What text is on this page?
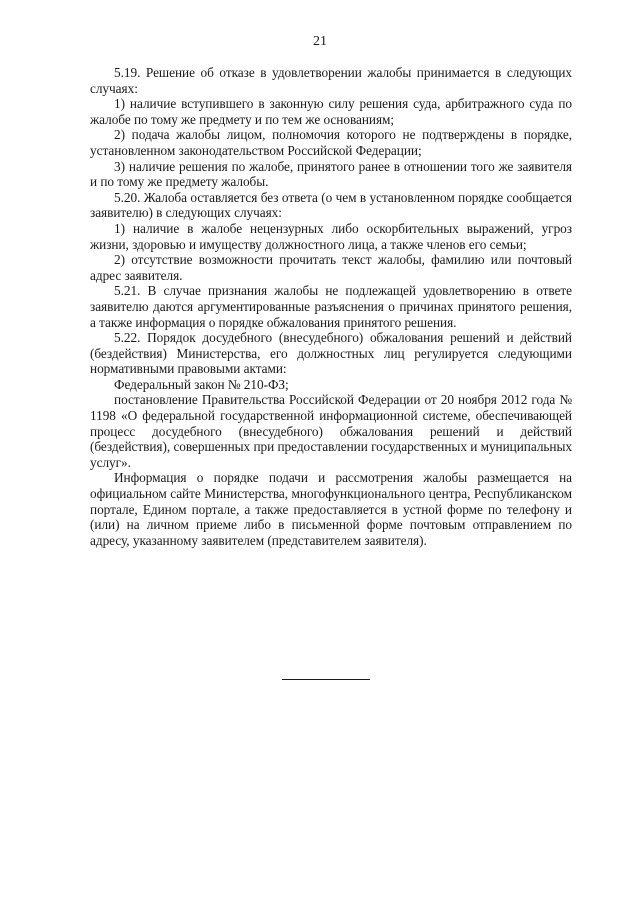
21

5.19. Решение об отказе в удовлетворении жалобы принимается в следующих случаях:

1) наличие вступившего в законную силу решения суда, арбитражного суда по жалобе по тому же предмету и по тем же основаниям;

2) подача жалобы лицом, полномочия которого не подтверждены в порядке, установленном законодательством Российской Федерации;

3) наличие решения по жалобе, принятого ранее в отношении того же заявителя и по тому же предмету жалобы.

5.20. Жалоба оставляется без ответа (о чем в установленном порядке сообщается заявителю) в следующих случаях:

1) наличие в жалобе нецензурных либо оскорбительных выражений, угроз жизни, здоровью и имуществу должностного лица, а также членов его семьи;

2) отсутствие возможности прочитать текст жалобы, фамилию или почтовый адрес заявителя.

5.21. В случае признания жалобы не подлежащей удовлетворению в ответе заявителю даются аргументированные разъяснения о причинах принятого решения, а также информация о порядке обжалования принятого решения.

5.22. Порядок досудебного (внесудебного) обжалования решений и действий (бездействия) Министерства, его должностных лиц регулируется следующими нормативными правовыми актами:

Федеральный закон № 210-ФЗ;

постановление Правительства Российской Федерации от 20 ноября 2012 года № 1198 «О федеральной государственной информационной системе, обеспечивающей процесс досудебного (внесудебного) обжалования решений и действий (бездействия), совершенных при предоставлении государственных и муниципальных услуг».

Информация о порядке подачи и рассмотрения жалобы размещается на официальном сайте Министерства, многофункционального центра, Республиканском портале, Едином портале, а также предоставляется в устной форме по телефону и (или) на личном приеме либо в письменной форме почтовым отправлением по адресу, указанному заявителем (представителем заявителя).
